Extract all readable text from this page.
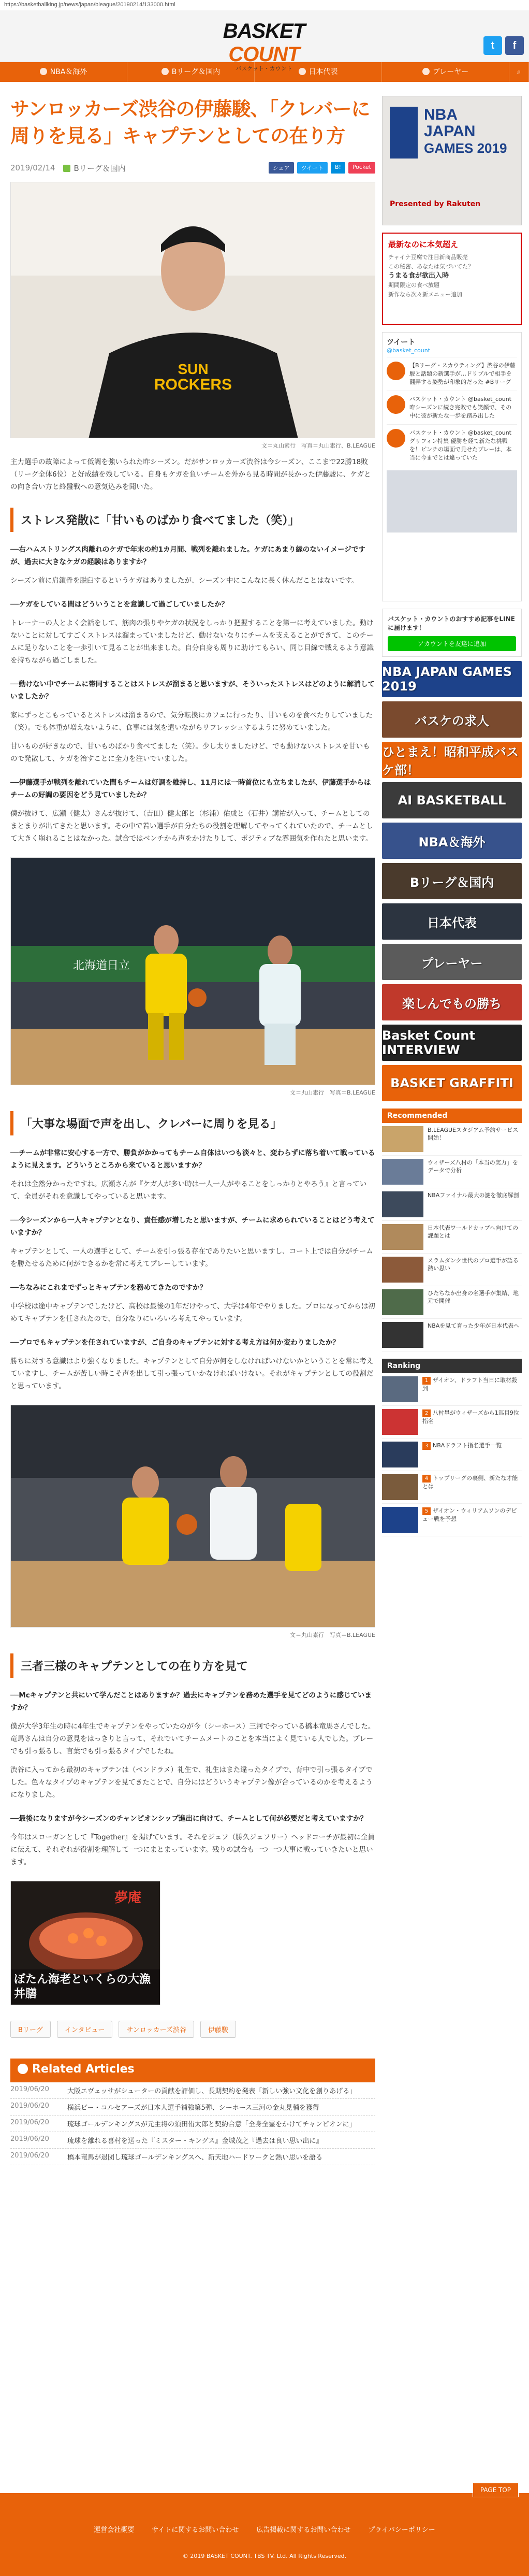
https://basketballking.jp/news/japan/bleague/20190214/133000.html
BASKET COUNT
バスケット・カウント
t	f
NBA＆海外	Bリーグ＆国内	日本代表	プレーヤー	⌕
サンロッカーズ渋谷の伊藤駿、「クレバーに周りを見る」キャプテンとしての在り方
2019/02/14	Bリーグ＆国内	シェア	ツイート	B!	Pocket
SUN
ROCKERS
文＝丸山素行　写真＝丸山素行、B.LEAGUE

主力選手の故障によって低調を強いられた昨シーズン。だがサンロッカーズ渋谷は今シーズン、ここまで22勝18敗（リーグ全体6位）と好成績を残している。自身もケガを負いチームを外から見る時間が長かった伊藤駿に、ケガとの向き合い方と終盤戦への意気込みを聞いた。

ストレス発散に「甘いものばかり食べてました（笑）」

──右ハムストリングス肉離れのケガで年末の約1カ月間、戦列を離れました。ケガにあまり縁のないイメージですが、過去に大きなケガの経験はありますか？

シーズン前に肩鎖骨を脱臼するというケガはありましたが、シーズン中にこんなに長く休んだことはないです。

──ケガをしている間はどういうことを意識して過ごしていましたか？

トレーナーの人とよく会話をして、筋肉の張りやケガの状況をしっかり把握することを第一に考えていました。動けないことに対してすごくストレスは溜まっていましたけど、動けないなりにチームを支えることができて、このチームに足りないことを一歩引いて見ることが出来ました。自分自身も周りに助けてもらい、同じ目線で戦えるよう意識を持ちながら過ごしました。

──動けない中でチームに帯同することはストレスが溜まると思いますが、そういったストレスはどのように解消していましたか？

家にずっとこもっているとストレスは溜まるので、気分転換にカフェに行ったり、甘いものを食べたりしていました（笑）。でも体重が増えないように、食事には気を遣いながらリフレッシュするように努めていました。

甘いものが好きなので、甘いものばかり食べてました（笑）。少し太りましたけど、でも動けないストレスを甘いもので発散して、ケガを治すことに全力を注いでいました。

──伊藤選手が戦列を離れていた間もチームは好調を維持し、11月には一時首位にも立ちましたが、伊藤選手からはチームの好調の要因をどう見ていましたか？

僕が抜けて、広瀬（健太）さんが抜けて、（吉田）健太郎と（杉浦）佑成と（石井）講祐が入って、チームとしてのまとまりが出てきたと思います。その中で若い選手が自分たちの役割を理解してやってくれていたので、チームとして大きく崩れることはなかった。試合ではベンチから声をかけたりして、ポジティブな雰囲気を作れたと思います。

北海道日立
文＝丸山素行　写真＝B.LEAGUE
「大事な場面で声を出し、クレバーに周りを見る」

──チームが非常に安心する一方で、勝負がかかってもチーム自体はいつも淡々と、変わらずに落ち着いて戦っているように見えます。どういうところから来ていると思いますか？

それは全然分かったですね。広瀬さんが『ケガ人が多い時は一人一人がやることをしっかりとやろう』と言っていて、全員がそれを意識してやっていると思います。

──今シーズンから一人キャプテンとなり、責任感が増したと思いますが、チームに求められていることはどう考えていますか？

キャプテンとして、一人の選手として、チームを引っ張る存在でありたいと思いますし、コート上では自分がチームを勝たせるために何ができるかを常に考えてプレーしています。

──ちなみにこれまでずっとキャプテンを務めてきたのですか？

中学校は途中キャプテンでしたけど、高校は最後の1年だけやって、大学は4年でやりました。プロになってからは初めてキャプテンを任されたので、自分なりにいろいろ考えてやっています。

──プロでもキャプテンを任されていますが、ご自身のキャプテンに対する考え方は何か変わりましたか？

勝ちに対する意識はより強くなりました。キャプテンとして自分が何をしなければいけないかということを常に考えていますし、チームが苦しい時こそ声を出して引っ張っていかなければいけない。それがキャプテンとしての役割だと思っています。

文＝丸山素行　写真＝B.LEAGUE
三者三様のキャプテンとしての在り方を見て

──Mcキャプテンと共にいて学んだことはありますか？過去にキャプテンを務めた選手を見てどのように感じていますか？

僕が大学3年生の時に4年生でキャプテンをやっていたのが今（シーホース）三河でやっている橋本竜馬さんでした。竜馬さんは自分の意見をはっきりと言って、それでいてチームメートのことを本当によく見ている人でした。プレーでも引っ張るし、言葉でも引っ張るタイプでしたね。

渋谷に入ってから最初のキャプテンは（ベンドラメ）礼生で、礼生はまた違ったタイプで、背中で引っ張るタイプでした。色々なタイプのキャプテンを見てきたことで、自分にはどういうキャプテン像が合っているのかを考えるようになりました。

──最後になりますが今シーズンのチャンピオンシップ進出に向けて、チームとして何が必要だと考えていますか？

今年はスローガンとして『Together』を掲げています。それをジェフ（勝久ジェフリー）ヘッドコーチが最初に全員に伝えて、それぞれが役割を理解して一つにまとまっています。残りの試合も一つ一つ大事に戦っていきたいと思います。

夢庵
ぼたん海老といくらの大漁丼膳
Bリーグ	インタビュー	サンロッカーズ渋谷	伊藤駿
Related Articles
2019/06/20	大阪エヴェッサがシューターの貢献を評価し、長期契約を発表「新しい強い文化を創りあげる」
2019/06/20	横浜ビー・コルセアーズが日本人選手補強第5弾、シーホース三河の金丸晃輔を獲得
2019/06/20	琉球ゴールデンキングスが元主将の須田侑太郎と契約合意「全身全霊をかけてチャンピオンに」
2019/06/20	琉球を離れる喜村を送った『ミスター・キングス』金城茂之『過去は良い思い出に』
2019/06/20	橋本竜馬が退団し琉球ゴールデンキングスへ、新天地ハードワークと熱い思いを語る
NBA
JAPAN
GAMES 2019
Presented by Rakuten
最新なのに本気超え
チャイナ豆腐で注目新商品販売
この秘密、あなたは気づいてた？
うまる食が欲出入時
期間限定の食べ放題
新作なら次々新メニュー追加
ツイート
@basket_count
【Bリーグ・スカウティング】渋谷の伊藤駿と話題の新選手が…ドリブルで相手を翻弄する姿勢が印象的だった #Bリーグ
バスケット・カウント @basket_count 昨シーズンに続き完敗でも笑顔で、その中に彼が新たな一歩を踏み出した
バスケット・カウント @basket_count グリフィン特集 優勝を経て新たな挑戦を！ピンチの場面で見せたプレーは、本当に今までとは違っていた
バスケット・カウントのおすすめ記事をLINEに届けます！
アカウントを友達に追加
NBA JAPAN GAMES 2019
バスケの求人
ひとまえ！昭和平成バスケ部！
AI BASKETBALL
NBA＆海外
Bリーグ＆国内
日本代表
プレーヤー
楽しんでもの勝ち
Basket Count INTERVIEW
BASKET GRAFFITI
Recommended
B.LEAGUEスタジアム予約サービス開始！
ウィザーズ八村の「本当の実力」をデータで分析
NBAファイナル最大の謎を徹底解剖
日本代表ワールドカップへ向けての課題とは
スラムダンク世代のプロ選手が語る熱い思い
ひたちなか出身の名選手が集結、地元で開催
NBAを見て育った少年が日本代表へ
Ranking
1 ザイオン、ドラフト当日に取材殺到
2 八村塁がウィザーズから1巡目9位指名
3 NBAドラフト指名選手一覧
4 トップリーグの裏側、新たな才能とは
5 ザイオン・ウィリアムソンのデビュー戦を予想
PAGE TOP
運営会社概要	サイトに関するお問い合わせ	広告掲載に関するお問い合わせ	プライバシーポリシー
© 2019 BASKET COUNT. TBS TV. Ltd. All Rights Reserved.
